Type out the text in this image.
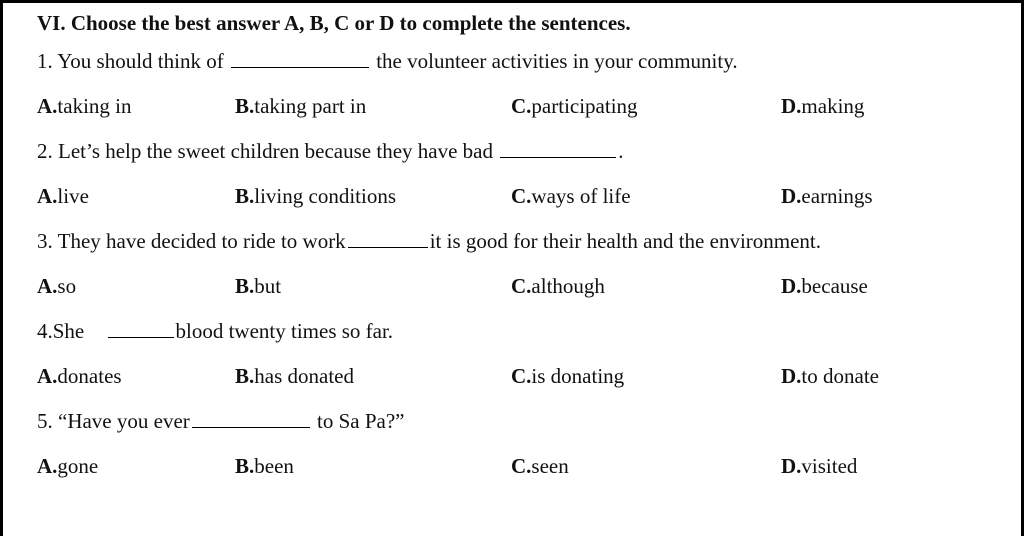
VI. Choose the best answer A, B, C or D to complete the sentences.
1. You should think of	the volunteer activities in your community.
A.taking in	B.taking part in	C.participating	D.making
2. Let’s help the sweet children because they have bad	.
A.live	B.living conditions	C.ways of life	D.earnings
3. They have decided to ride to work	it is good for their health and the environment.
A.so	B.but	C.although	D.because
4.She	blood twenty times so far.
A.donates	B.has donated	C.is donating	D.to donate
5. “Have you ever	to Sa Pa?”
A.gone	B.been	C.seen	D.visited
